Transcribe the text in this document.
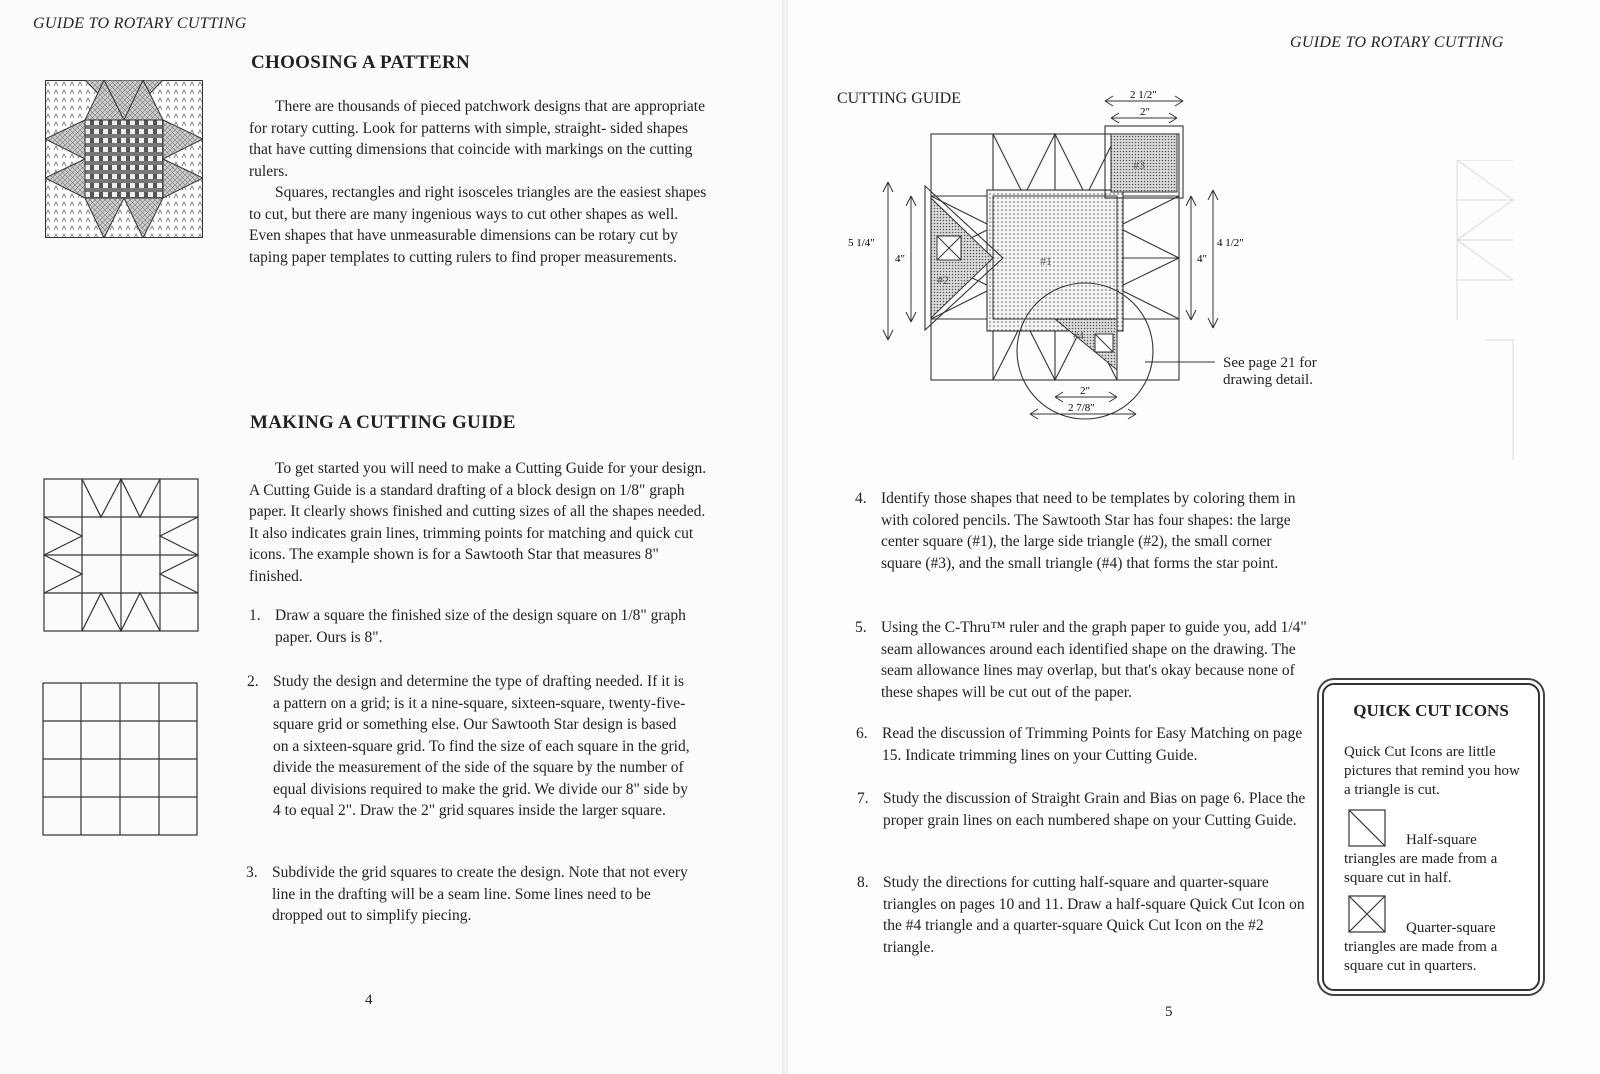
GUIDE TO ROTARY CUTTING
CHOOSING A PATTERN

There are thousands of pieced patchwork designs that are appropriate for rotary cutting. Look for patterns with simple, straight- sided shapes that have cutting dimensions that coincide with markings on the cutting rulers.

Squares, rectangles and right isosceles triangles are the easiest shapes to cut, but there are many ingenious ways to cut other shapes as well. Even shapes that have unmeasurable dimensions can be rotary cut by taping paper templates to cutting rulers to find proper measurements.

MAKING A CUTTING GUIDE

To get started you will need to make a Cutting Guide for your design. A Cutting Guide is a standard drafting of a block design on 1/8" graph paper. It clearly shows finished and cutting sizes of all the shapes needed. It also indicates grain lines, trimming points for matching and quick cut icons. The example shown is for a Sawtooth Star that measures 8" finished.

1. Draw a square the finished size of the design square on 1/8" graph paper. Ours is 8".
2. Study the design and determine the type of drafting needed. If it is a pattern on a grid; is it a nine-square, sixteen-square, twenty-five-square grid or something else. Our Sawtooth Star design is based on a sixteen-square grid. To find the size of each square in the grid, divide the measurement of the side of the square by the number of equal divisions required to make the grid. We divide our 8" side by 4 to equal 2". Draw the 2" grid squares inside the larger square.
3. Subdivide the grid squares to create the design. Note that not every line in the drafting will be a seam line. Some lines need to be dropped out to simplify piecing.
4
GUIDE TO ROTARY CUTTING
CUTTING GUIDE	2 1/2"
2"
5 1/4"
4"	4"
4 1/2"
2"
2 7/8"
#1
#2
#3
#4
See page 21 for drawing detail.
4. Identify those shapes that need to be templates by coloring them in with colored pencils. The Sawtooth Star has four shapes: the large center square (#1), the large side triangle (#2), the small corner square (#3), and the small triangle (#4) that forms the star point.
5. Using the C-Thru™ ruler and the graph paper to guide you, add 1/4" seam allowances around each identified shape on the drawing. The seam allowance lines may overlap, but that's okay because none of these shapes will be cut out of the paper.
6. Read the discussion of Trimming Points for Easy Matching on page 15. Indicate trimming lines on your Cutting Guide.
7. Study the discussion of Straight Grain and Bias on page 6. Place the proper grain lines on each numbered shape on your Cutting Guide.
8. Study the directions for cutting half-square and quarter-square triangles on pages 10 and 11. Draw a half-square Quick Cut Icon on the #4 triangle and a quarter-square Quick Cut Icon on the #2 triangle.
QUICK CUT ICONS
Quick Cut Icons are little pictures that remind you how a triangle is cut.
Half-square triangles are made from a square cut in half.
Quarter-square triangles are made from a square cut in quarters.
5
